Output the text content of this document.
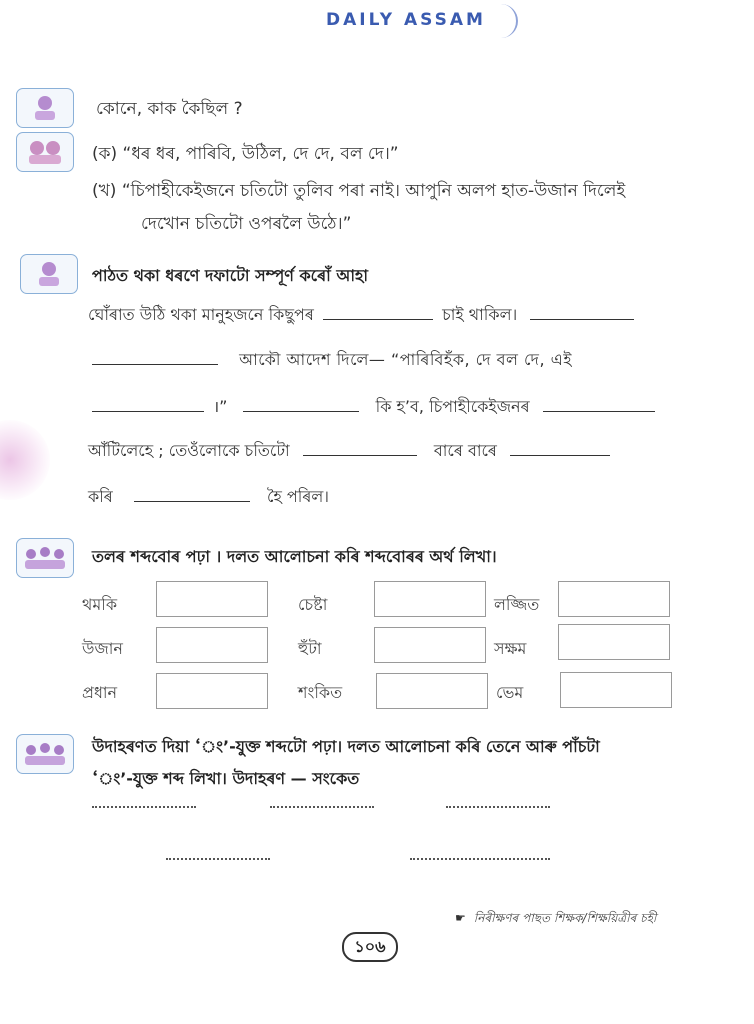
DAILY ASSAM
কোনে, কাক কৈছিল ?
(ক) “ধৰ ধৰ, পাৰিবি, উঠিল, দে দে, বল দে।”
(খ) “চিপাহীকেইজনে চতিটো তুলিব পৰা নাই। আপুনি অলপ হাত-উজান দিলেই
দেখোন চতিটো ওপৰলৈ উঠে।”
পাঠত থকা ধৰণে দফাটো সম্পূৰ্ণ কৰোঁ আহা
ঘোঁৰাত উঠি থকা মানুহজনে কিছুপৰ	চাই থাকিল।
আকৌ আদেশ দিলে— “পাৰিবিহঁক, দে বল দে, এই
।”	কি হ’ব, চিপাহীকেইজনৰ
আঁটিলেহে ; তেওঁলোকে চতিটো	বাৰে বাৰে
কৰি	হৈ পৰিল।
তলৰ শব্দবোৰ পঢ়া । দলত আলোচনা কৰি শব্দবোৰৰ অৰ্থ লিখা।
থমকি	চেষ্টা	লজ্জিত
উজান	হুঁটা	সক্ষম
প্ৰধান	শংকিত	ভেম
উদাহৰণত দিয়া ‘ং’-যুক্ত শব্দটো পঢ়া। দলত আলোচনা কৰি তেনে আৰু পাঁচটা
‘ং’-যুক্ত শব্দ লিখা। উদাহৰণ — সংকেত
☛ নিৰীক্ষণৰ পাছত শিক্ষক/শিক্ষয়িত্ৰীৰ চহী
১০৬
